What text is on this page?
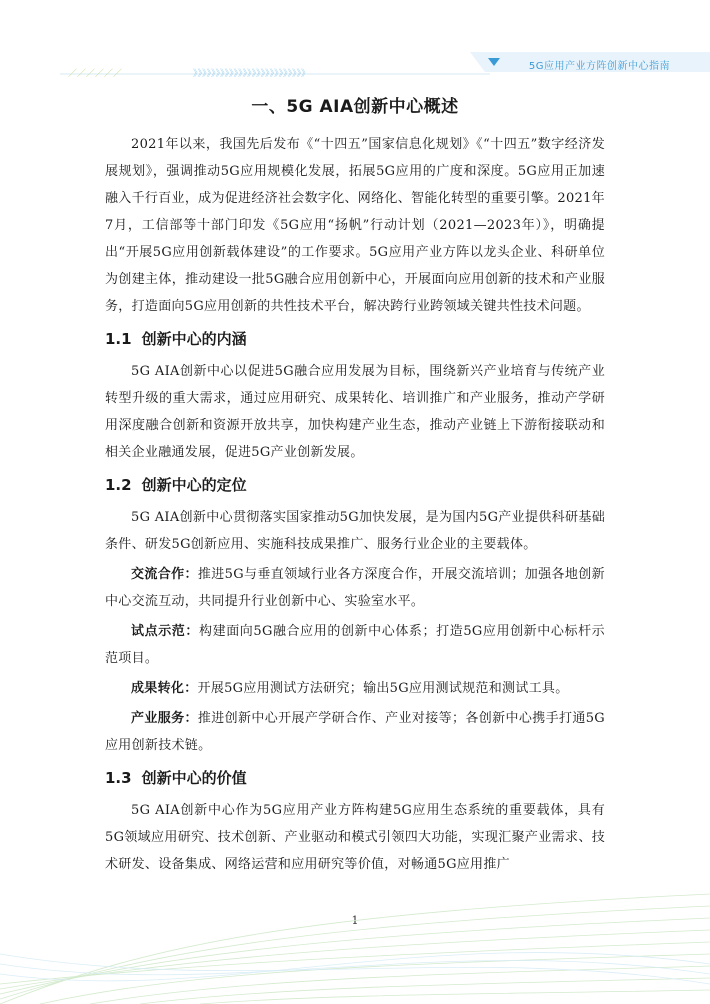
／／／／／／	》》》》》》》》》》》》》》》》》》》》》》》》》
5G应用产业方阵创新中心指南
一、5G AIA创新中心概述

2021年以来，我国先后发布《“十四五”国家信息化规划》《“十四五”数字经济发展规划》，强调推动5G应用规模化发展，拓展5G应用的广度和深度。5G应用正加速融入千行百业，成为促进经济社会数字化、网络化、智能化转型的重要引擎。2021年7月，工信部等十部门印发《5G应用“扬帆”行动计划（2021—2023年）》，明确提出“开展5G应用创新载体建设”的工作要求。5G应用产业方阵以龙头企业、科研单位为创建主体，推动建设一批5G融合应用创新中心，开展面向应用创新的技术和产业服务，打造面向5G应用创新的共性技术平台，解决跨行业跨领域关键共性技术问题。

1.1 创新中心的内涵

5G AIA创新中心以促进5G融合应用发展为目标，围绕新兴产业培育与传统产业转型升级的重大需求，通过应用研究、成果转化、培训推广和产业服务，推动产学研用深度融合创新和资源开放共享，加快构建产业生态，推动产业链上下游衔接联动和相关企业融通发展，促进5G产业创新发展。

1.2 创新中心的定位

5G AIA创新中心贯彻落实国家推动5G加快发展，是为国内5G产业提供科研基础条件、研发5G创新应用、实施科技成果推广、服务行业企业的主要载体。

交流合作：推进5G与垂直领域行业各方深度合作，开展交流培训；加强各地创新中心交流互动，共同提升行业创新中心、实验室水平。

试点示范：构建面向5G融合应用的创新中心体系；打造5G应用创新中心标杆示范项目。

成果转化：开展5G应用测试方法研究；输出5G应用测试规范和测试工具。

产业服务：推进创新中心开展产学研合作、产业对接等；各创新中心携手打通5G应用创新技术链。

1.3 创新中心的价值

5G AIA创新中心作为5G应用产业方阵构建5G应用生态系统的重要载体，具有5G领域应用研究、技术创新、产业驱动和模式引领四大功能，实现汇聚产业需求、技术研发、设备集成、网络运营和应用研究等价值，对畅通5G应用推广

1
